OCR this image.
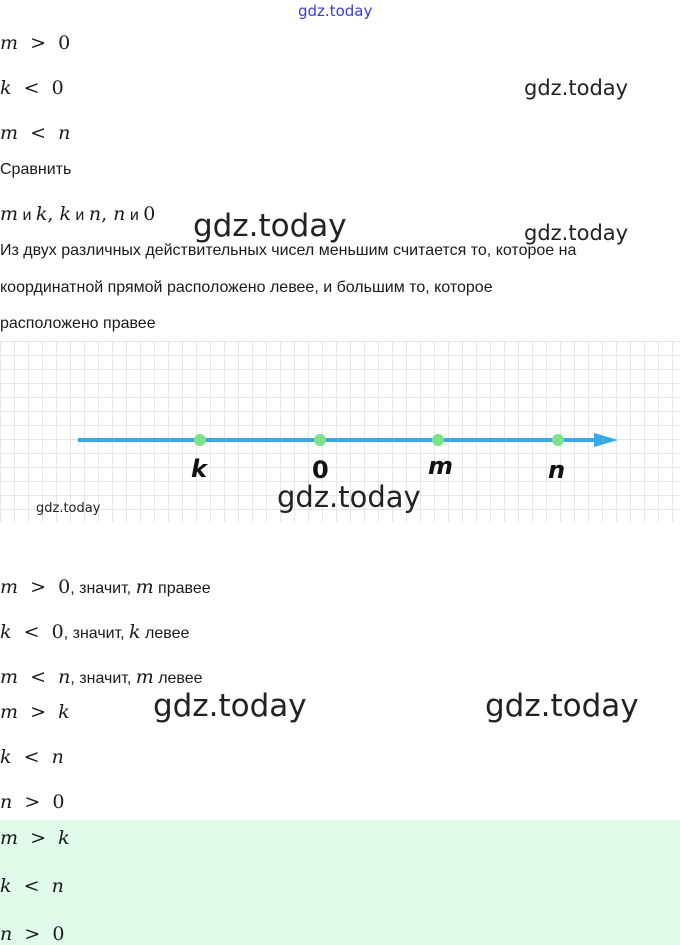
gdz.today
m > 0
k < 0	gdz.today
m < n
Сравнить
m и k, k и n, n и 0 gdz.today	gdz.today
Из двух различных действительных чисел меньшим считается то, которое на
координатной прямой расположено левее, и большим то, которое
расположено правее
k	0	m	n
gdz.today
gdz.today
m > 0, значит, m правее
k < 0, значит, k левее
m < n, значит, m левее
m > k	gdz.today	gdz.today
k < n
n > 0
m > k
k < n
n > 0
